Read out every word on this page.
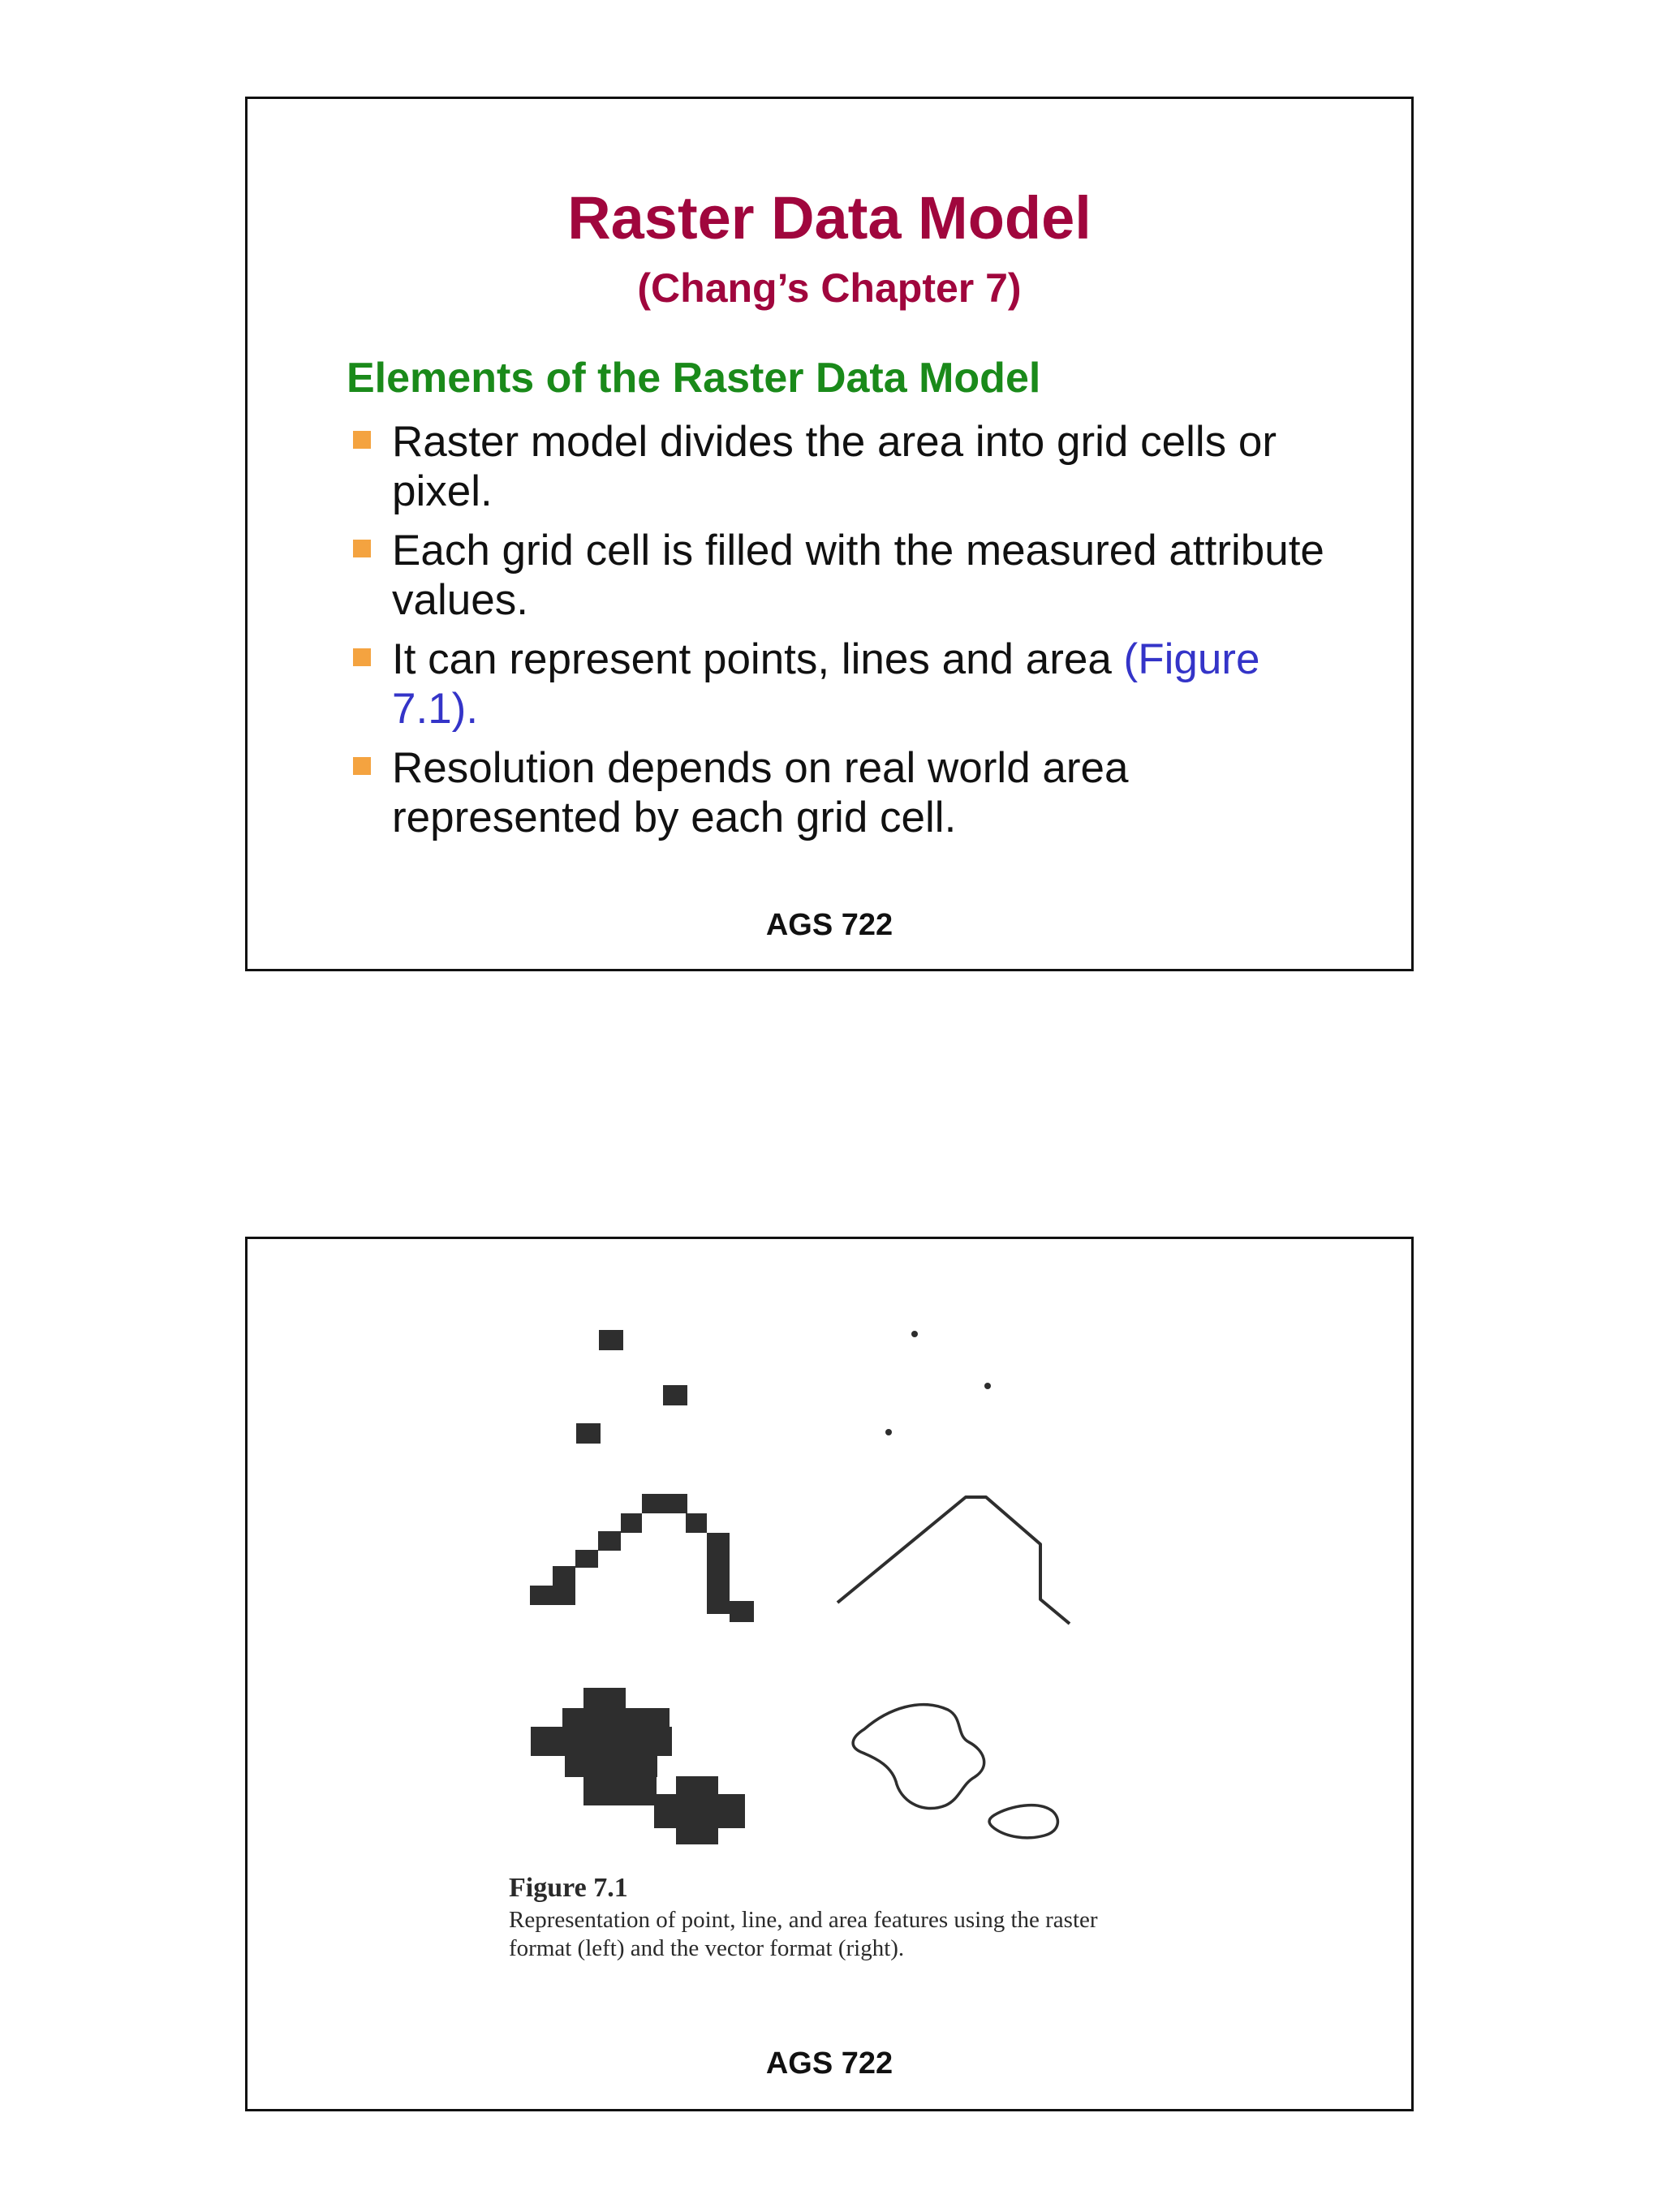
Raster Data Model
(Chang’s Chapter 7)
Elements of the Raster Data Model
Raster model divides the area into grid cells or pixel.
Each grid cell is filled with the measured attribute values.
It can represent points, lines and area (Figure 7.1).
Resolution depends on real world area represented by each grid cell.
AGS 722
Figure 7.1
Representation of point, line, and area features using the raster format (left) and the vector format (right).
AGS 722
